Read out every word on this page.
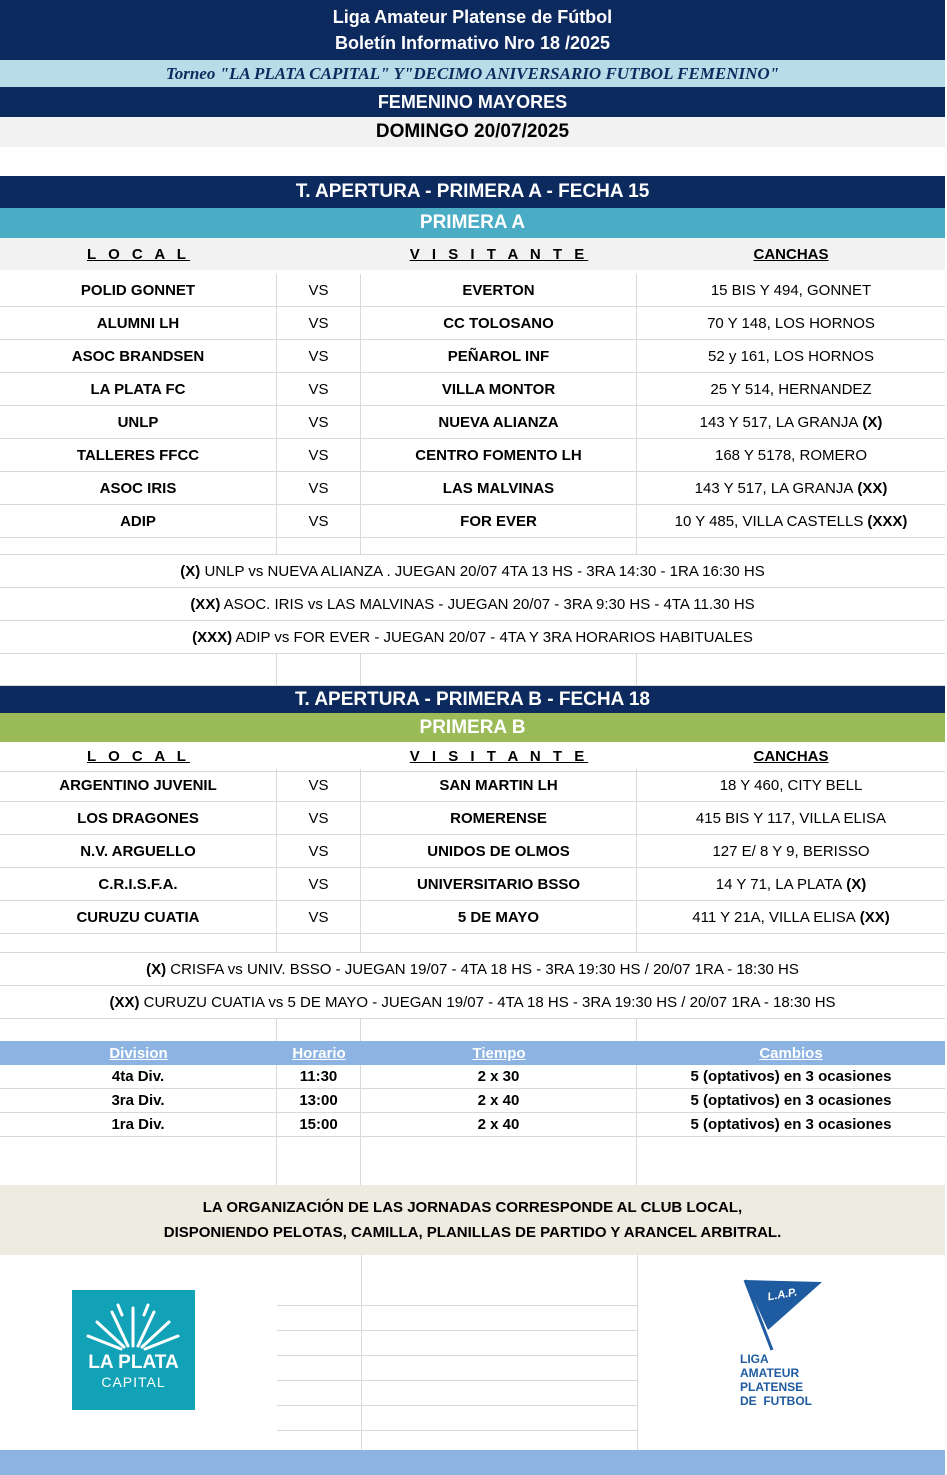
Liga Amateur Platense de Fútbol
Boletín Informativo Nro 18 /2025
Torneo "LA PLATA CAPITAL" Y"DECIMO ANIVERSARIO FUTBOL FEMENINO"
FEMENINO MAYORES
DOMINGO 20/07/2025
T. APERTURA - PRIMERA A - FECHA 15
PRIMERA A
L O C A L	V I S I T A N T E	CANCHAS
POLID GONNET	VS	EVERTON	15 BIS Y 494, GONNET
ALUMNI LH	VS	CC TOLOSANO	70 Y 148, LOS HORNOS
ASOC BRANDSEN	VS	PEÑAROL INF	52 y 161, LOS HORNOS
LA PLATA FC	VS	VILLA MONTOR	25 Y 514, HERNANDEZ
UNLP	VS	NUEVA ALIANZA	143 Y 517, LA GRANJA (X)
TALLERES FFCC	VS	CENTRO FOMENTO LH	168 Y 5178, ROMERO
ASOC IRIS	VS	LAS MALVINAS	143 Y 517, LA GRANJA (XX)
ADIP	VS	FOR EVER	10 Y 485, VILLA CASTELLS (XXX)
(X) UNLP vs NUEVA ALIANZA . JUEGAN 20/07 4TA 13 HS - 3RA 14:30 - 1RA 16:30 HS
(XX) ASOC. IRIS vs LAS MALVINAS - JUEGAN 20/07 - 3RA 9:30 HS - 4TA 11.30 HS
(XXX) ADIP vs FOR EVER - JUEGAN 20/07 - 4TA Y 3RA HORARIOS HABITUALES
T. APERTURA - PRIMERA B - FECHA 18
PRIMERA B
L O C A L	V I S I T A N T E	CANCHAS
ARGENTINO JUVENIL	VS	SAN MARTIN LH	18 Y 460, CITY BELL
LOS DRAGONES	VS	ROMERENSE	415 BIS Y 117, VILLA ELISA
N.V. ARGUELLO	VS	UNIDOS DE OLMOS	127 E/ 8 Y 9, BERISSO
C.R.I.S.F.A.	VS	UNIVERSITARIO BSSO	14 Y 71, LA PLATA (X)
CURUZU CUATIA	VS	5 DE MAYO	411 Y 21A, VILLA ELISA (XX)
(X) CRISFA vs UNIV. BSSO - JUEGAN 19/07 - 4TA 18 HS - 3RA 19:30 HS / 20/07 1RA - 18:30 HS
(XX) CURUZU CUATIA vs 5 DE MAYO - JUEGAN 19/07 - 4TA 18 HS - 3RA 19:30 HS / 20/07 1RA - 18:30 HS
Division	Horario	Tiempo	Cambios
4ta Div.	11:30	2 x 30	5 (optativos) en 3 ocasiones
3ra Div.	13:00	2 x 40	5 (optativos) en 3 ocasiones
1ra Div.	15:00	2 x 40	5 (optativos) en 3 ocasiones
LA ORGANIZACIÓN DE LAS JORNADAS CORRESPONDE AL CLUB LOCAL,
DISPONIENDO PELOTAS, CAMILLA, PLANILLAS DE PARTIDO Y ARANCEL ARBITRAL.
LA PLATA
CAPITAL
L.A.P.
LIGA
AMATEUR
PLATENSE
DE  FUTBOL
